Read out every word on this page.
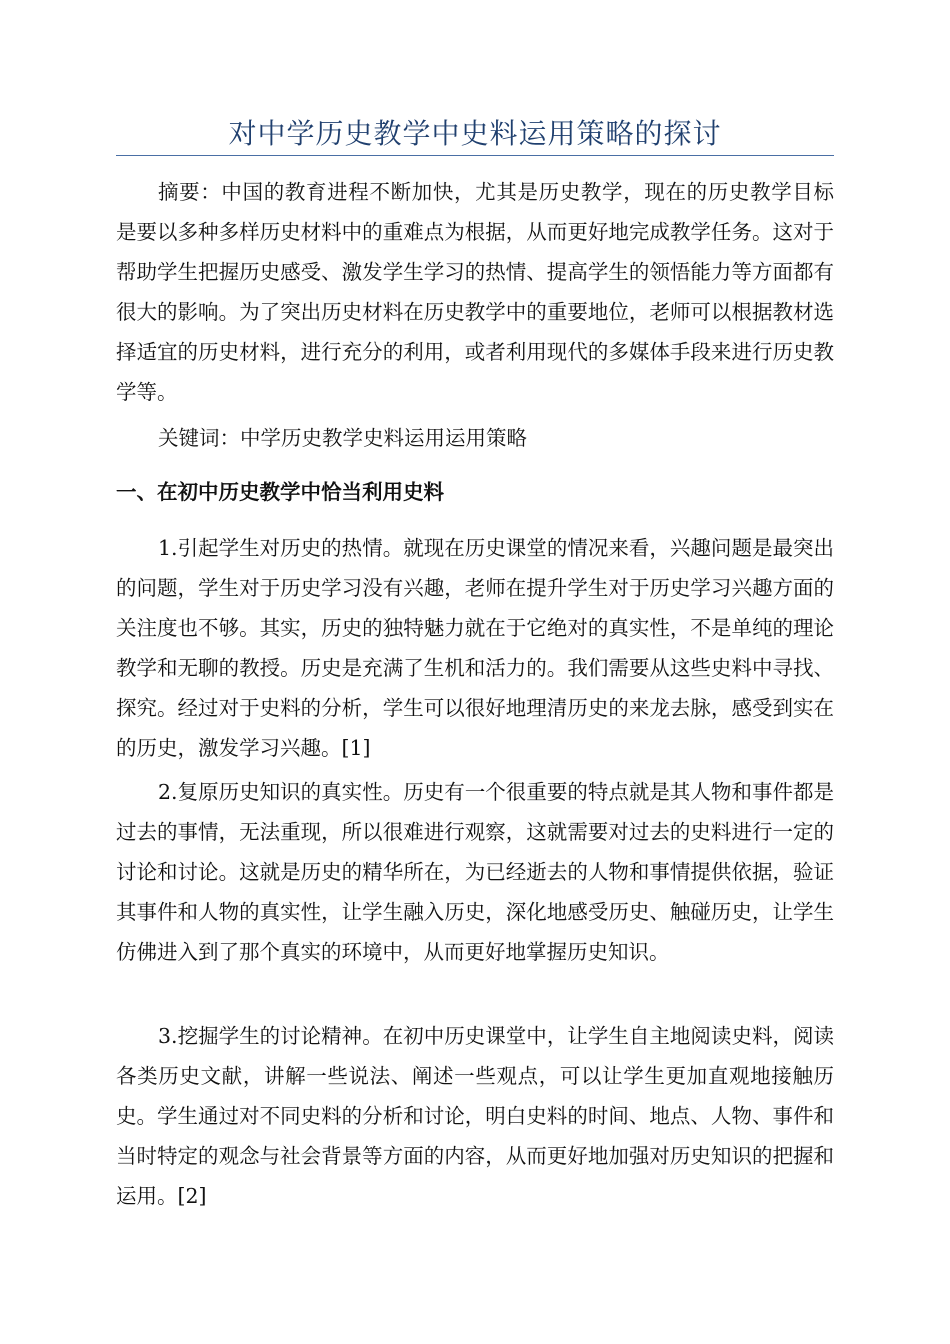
对中学历史教学中史料运用策略的探讨

摘要：中国的教育进程不断加快，尤其是历史教学，现在的历史教学目标是要以多种多样历史材料中的重难点为根据，从而更好地完成教学任务。这对于帮助学生把握历史感受、激发学生学习的热情、提高学生的领悟能力等方面都有很大的影响。为了突出历史材料在历史教学中的重要地位，老师可以根据教材选择适宜的历史材料，进行充分的利用，或者利用现代的多媒体手段来进行历史教学等。

关键词：中学历史教学史料运用运用策略

一、在初中历史教学中恰当利用史料

1.引起学生对历史的热情。就现在历史课堂的情况来看，兴趣问题是最突出的问题，学生对于历史学习没有兴趣，老师在提升学生对于历史学习兴趣方面的关注度也不够。其实，历史的独特魅力就在于它绝对的真实性，不是单纯的理论教学和无聊的教授。历史是充满了生机和活力的。我们需要从这些史料中寻找、探究。经过对于史料的分析，学生可以很好地理清历史的来龙去脉，感受到实在的历史，激发学习兴趣。[1]

2.复原历史知识的真实性。历史有一个很重要的特点就是其人物和事件都是过去的事情，无法重现，所以很难进行观察，这就需要对过去的史料进行一定的讨论和讨论。这就是历史的精华所在，为已经逝去的人物和事情提供依据，验证其事件和人物的真实性，让学生融入历史，深化地感受历史、触碰历史，让学生仿佛进入到了那个真实的环境中，从而更好地掌握历史知识。

3.挖掘学生的讨论精神。在初中历史课堂中，让学生自主地阅读史料，阅读各类历史文献，讲解一些说法、阐述一些观点，可以让学生更加直观地接触历史。学生通过对不同史料的分析和讨论，明白史料的时间、地点、人物、事件和当时特定的观念与社会背景等方面的内容，从而更好地加强对历史知识的把握和运用。[2]
